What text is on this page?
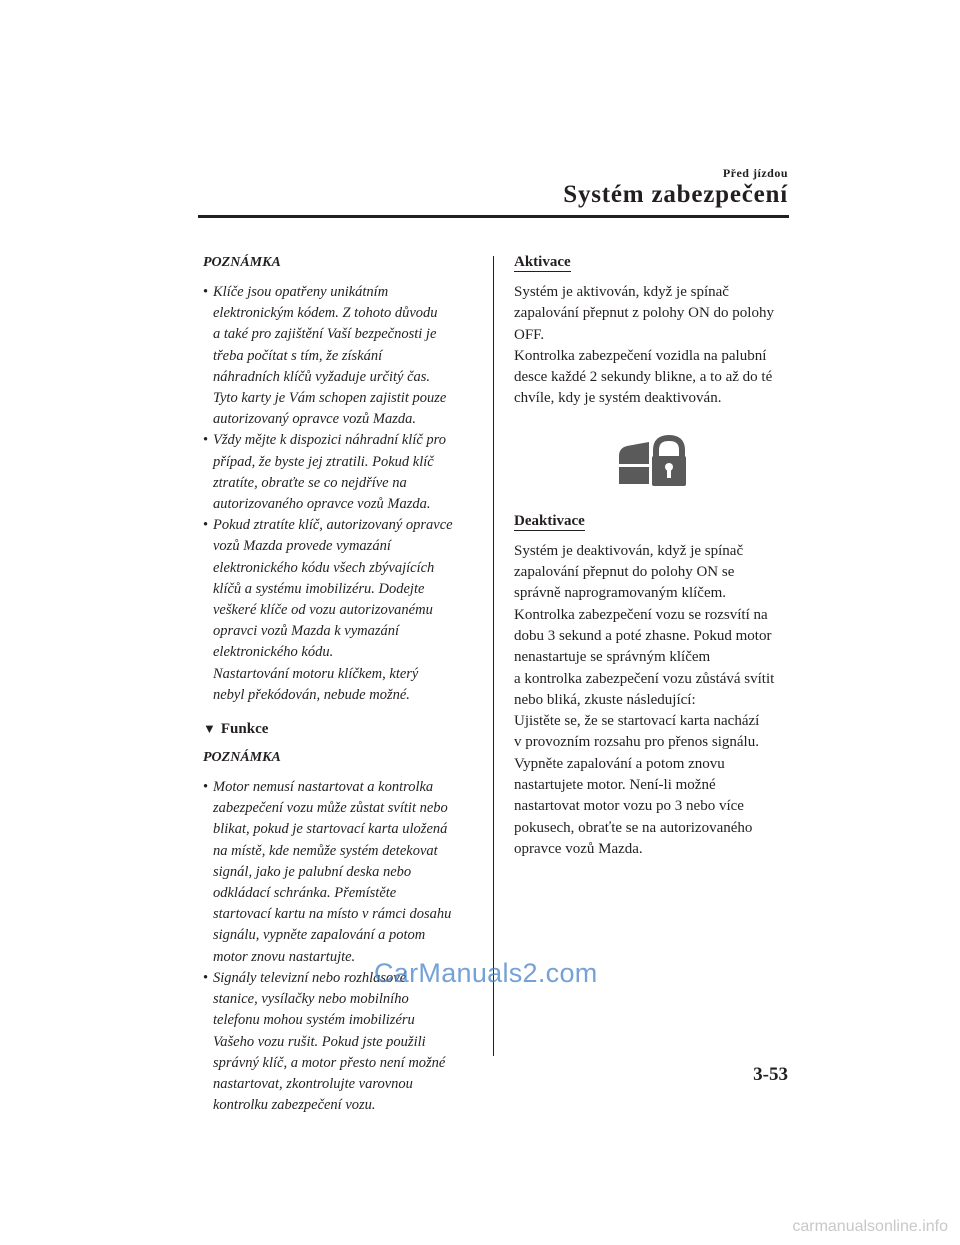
Před jízdou
Systém zabezpečení
POZNÁMKA
• Klíče jsou opatřeny unikátním
elektronickým kódem. Z tohoto důvodu
a také pro zajištění Vaší bezpečnosti je
třeba počítat s tím, že získání
náhradních klíčů vyžaduje určitý čas.
Tyto karty je Vám schopen zajistit pouze
autorizovaný opravce vozů Mazda.
• Vždy mějte k dispozici náhradní klíč pro
případ, že byste jej ztratili. Pokud klíč
ztratíte, obraťte se co nejdříve na
autorizovaného opravce vozů Mazda.
• Pokud ztratíte klíč, autorizovaný opravce
vozů Mazda provede vymazání
elektronického kódu všech zbývajících
klíčů a systému imobilizéru. Dodejte
veškeré klíče od vozu autorizovanému
opravci vozů Mazda k vymazání
elektronického kódu.
Nastartování motoru klíčkem, který
nebyl překódován, nebude možné.
▼ Funkce
POZNÁMKA
• Motor nemusí nastartovat a kontrolka
zabezpečení vozu může zůstat svítit nebo
blikat, pokud je startovací karta uložená
na místě, kde nemůže systém detekovat
signál, jako je palubní deska nebo
odkládací schránka. Přemístěte
startovací kartu na místo v rámci dosahu
signálu, vypněte zapalování a potom
motor znovu nastartujte.
• Signály televizní nebo rozhlasové
stanice, vysílačky nebo mobilního
telefonu mohou systém imobilizéru
Vašeho vozu rušit. Pokud jste použili
správný klíč, a motor přesto není možné
nastartovat, zkontrolujte varovnou
kontrolku zabezpečení vozu.
Aktivace
Systém je aktivován, když je spínač
zapalování přepnut z polohy ON do polohy
OFF.
Kontrolka zabezpečení vozidla na palubní
desce každé 2 sekundy blikne, a to až do té
chvíle, kdy je systém deaktivován.
Deaktivace
Systém je deaktivován, když je spínač
zapalování přepnut do polohy ON se
správně naprogramovaným klíčem.
Kontrolka zabezpečení vozu se rozsvítí na
dobu 3 sekund a poté zhasne. Pokud motor
nenastartuje se správným klíčem
a kontrolka zabezpečení vozu zůstává svítit
nebo bliká, zkuste následující:
Ujistěte se, že se startovací karta nachází
v provozním rozsahu pro přenos signálu.
Vypněte zapalování a potom znovu
nastartujete motor. Není-li možné
nastartovat motor vozu po 3 nebo více
pokusech, obraťte se na autorizovaného
opravce vozů Mazda.
CarManuals2.com
3-53
carmanualsonline.info
